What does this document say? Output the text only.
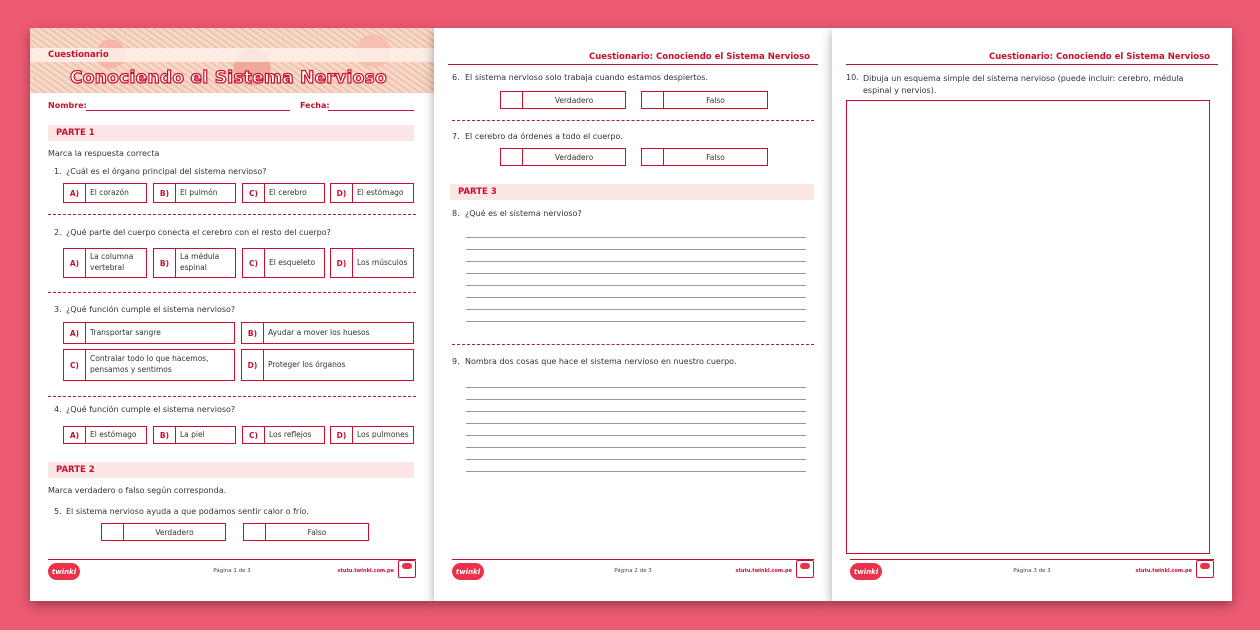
Cuestionario
Conociendo el Sistema Nervioso
Nombre:	Fecha:
PARTE 1
Marca la respuesta correcta
1. ¿Cuál es el órgano principal del sistema nervioso?
A)	El corazón	B)	El pulmón	C)	El cerebro	D)	El estómago
2. ¿Qué parte del cuerpo conecta el cerebro con el resto del cuerpo?
A)
La columna vertebral	B)
La médula espinal	C)	El esqueleto	D)	Los músculos
3. ¿Qué función cumple el sistema nervioso?
A)	Transportar sangre	B)	Ayudar a mover los huesos
C)
Contralar todo lo que hacemos, pensamos y sentimos	D)	Proteger los órganos
4. ¿Qué función cumple el sistema nervioso?
A)	El estómago	B)	La piel	C)	Los reflejos	D)	Los pulmones
PARTE 2
Marca verdadero o falso según corresponda.
5. El sistema nervioso ayuda a que podamos sentir calor o frío.
Verdadero	Falso
twinkl	Página 1 de 3	stutu.twinkl.com.pe
Cuestionario: Conociendo el Sistema Nervioso
6. El sistema nervioso solo trabaja cuando estamos despiertos.
Verdadero	Falso
7. El cerebro da órdenes a todo el cuerpo.
Verdadero	Falso
PARTE 3
8. ¿Qué es el sistema nervioso?
9. Nombra dos cosas que hace el sistema nervioso en nuestro cuerpo.
twinkl	Página 2 de 3	stutu.twinkl.com.pe
Cuestionario: Conociendo el Sistema Nervioso
10. Dibuja un esquema simple del sistema nervioso (puede incluir: cerebro, médula espinal y nervios).
twinkl	Página 3 de 3	stutu.twinkl.com.pe
